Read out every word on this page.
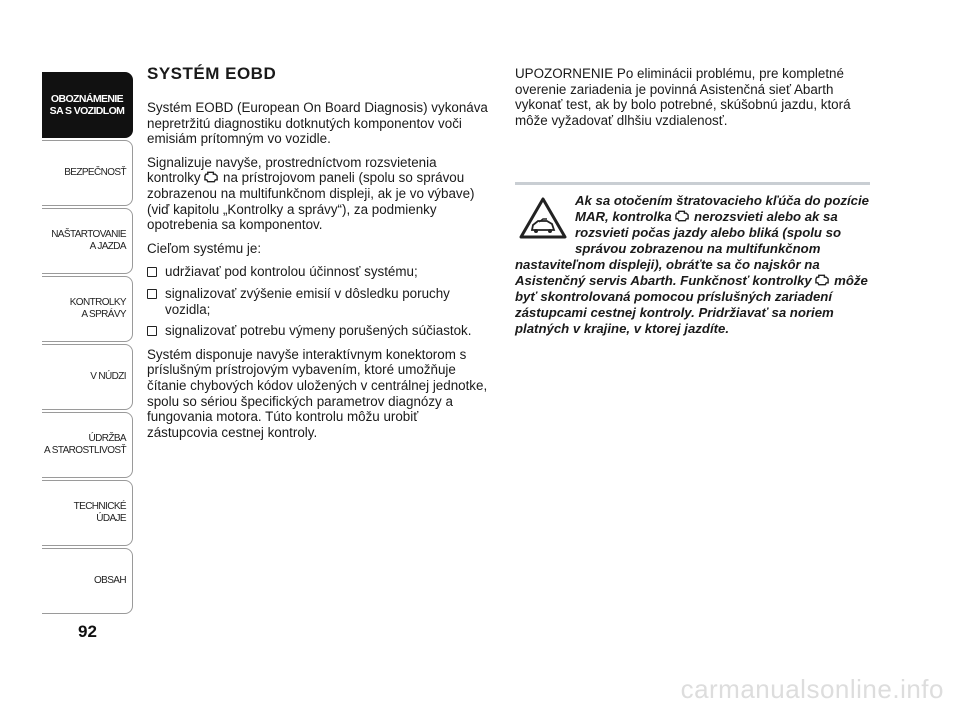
OBOZNÁMENIE
SA S VOZIDLOM
BEZPEČNOSŤ
NAŠTARTOVANIE
A JAZDA
KONTROLKY
A SPRÁVY
V NÚDZI
ÚDRŽBA
A STAROSTLIVOSŤ
TECHNICKÉ
ÚDAJE
OBSAH
92
SYSTÉM EOBD

Systém EOBD (European On Board Diagnosis) vykonáva nepretržitú diagnostiku dotknutých komponentov voči emisiám prítomným vo vozidle.

Signalizuje navyše, prostredníctvom rozsvietenia kontrolky  na prístrojovom paneli (spolu so správou zobrazenou na multifunkčnom displeji, ak je vo výbave) (viď kapitolu „Kontrolky a správy“), za podmienky opotrebenia sa komponentov.

Cieľom systému je:

udržiavať pod kontrolou účinnosť systému;
signalizovať zvýšenie emisií v dôsledku poruchy vozidla;
signalizovať potrebu výmeny porušených súčiastok.

Systém disponuje navyše interaktívnym konektorom s príslušným prístrojovým vybavením, ktoré umožňuje čítanie chybových kódov uložených v centrálnej jednotke, spolu so sériou špecifických parametrov diagnózy a fungovania motora. Túto kontrolu môžu urobiť zástupcovia cestnej kontroly.

UPOZORNENIE Po eliminácii problému, pre kompletné overenie zariadenia je povinná Asistenčná sieť Abarth vykonať test, ak by bolo potrebné, skúšobnú jazdu, ktorá môže vyžadovať dlhšiu vzdialenosť.

Ak sa otočením štratovacieho kľúča do pozície MAR, kontrolka  nerozsvieti alebo ak sa rozsvieti počas jazdy alebo bliká (spolu so správou zobrazenou na multifunkčnom nastaviteľnom displeji), obráťte sa čo najskôr na Asistenčný servis Abarth. Funkčnosť kontrolky  môže byť skontrolovaná pomocou príslušných zariadení zástupcami cestnej kontroly. Pridržiavať sa noriem platných v krajine, v ktorej jazdíte.
carmanualsonline.info
